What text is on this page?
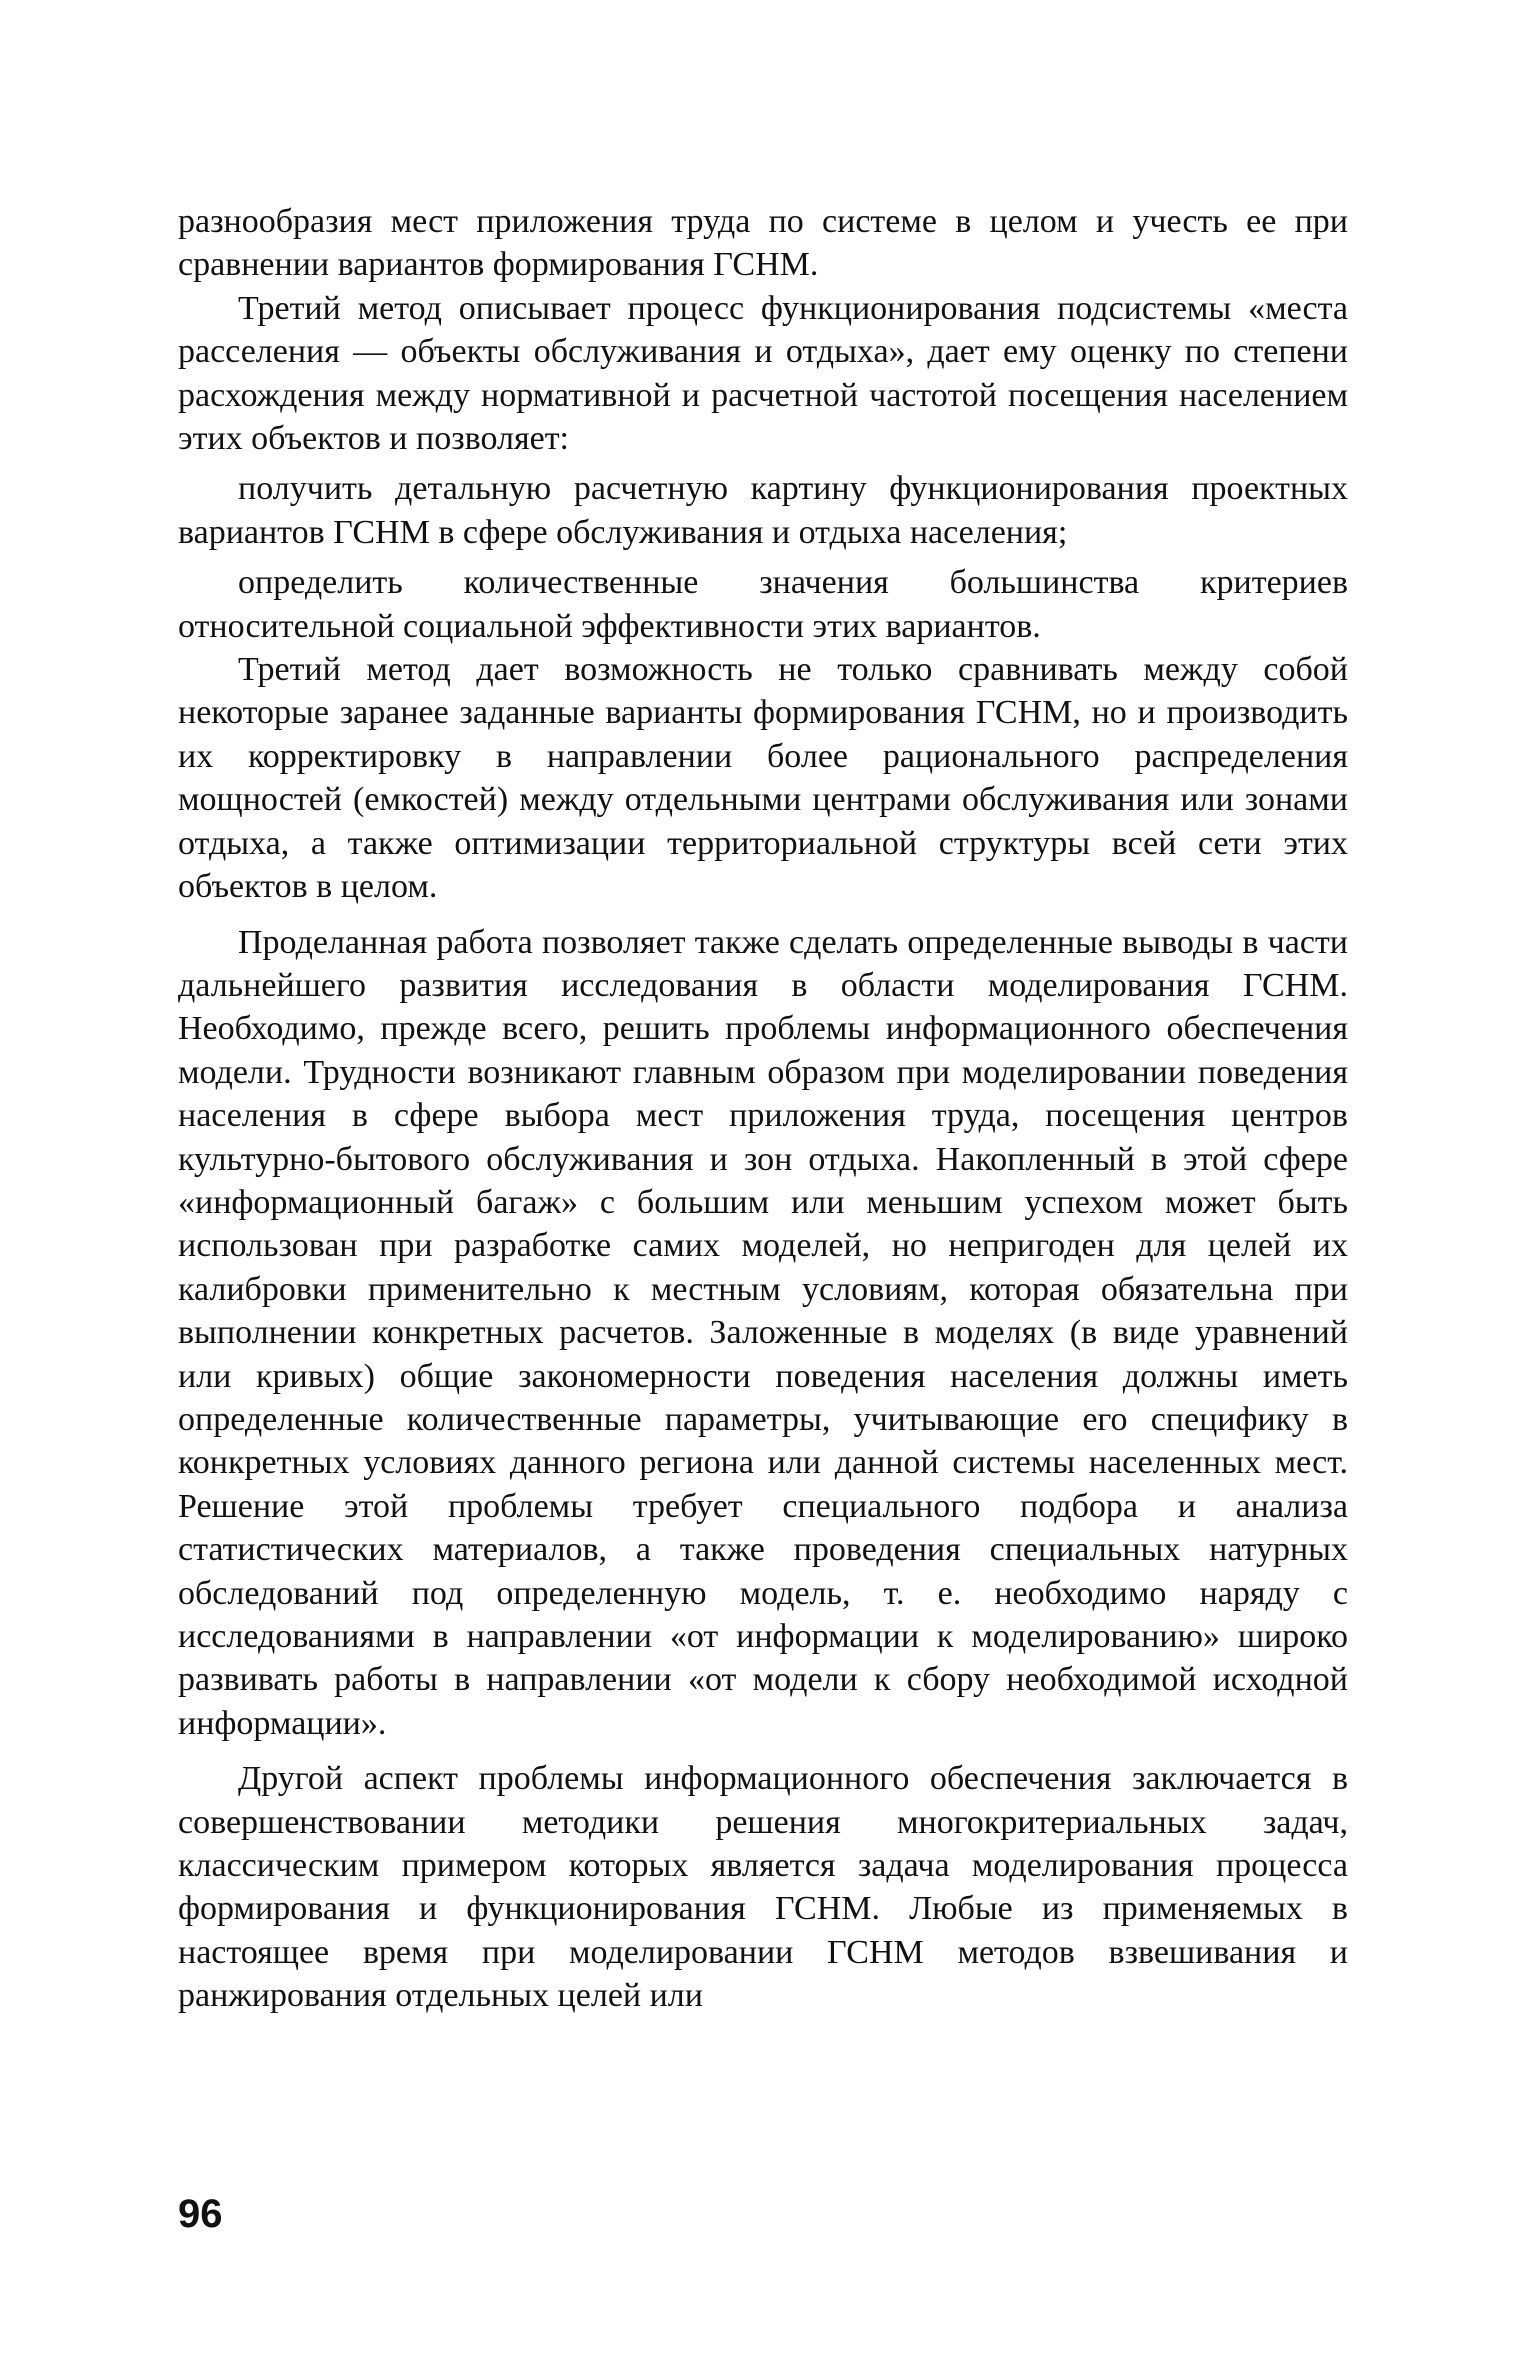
разнообразия мест приложения труда по системе в целом и учесть ее при сравнении вариантов формирования ГСНМ.

Третий метод описывает процесс функционирования подсистемы «места расселения — объекты обслуживания и отдыха», дает ему оценку по степени расхождения между нормативной и расчетной частотой посещения населением этих объектов и позволяет:

получить детальную расчетную картину функционирования проектных вариантов ГСНМ в сфере обслуживания и отдыха населения;

определить количественные значения большинства критериев относительной социальной эффективности этих вариантов.

Третий метод дает возможность не только сравнивать между собой некоторые заранее заданные варианты формирования ГСНМ, но и производить их корректировку в направлении более рационального распределения мощностей (емкостей) между отдельными центрами обслуживания или зонами отдыха, а также оптимизации территориальной структуры всей сети этих объектов в целом.

Проделанная работа позволяет также сделать определенные выводы в части дальнейшего развития исследования в области моделирования ГСНМ. Необходимо, прежде всего, решить проблемы информационного обеспечения модели. Трудности возникают главным образом при моделировании поведения населения в сфере выбора мест приложения труда, посещения центров культурно-бытового обслуживания и зон отдыха. Накопленный в этой сфере «информационный багаж» с большим или меньшим успехом может быть использован при разработке самих моделей, но непригоден для целей их калибровки применительно к местным условиям, которая обязательна при выполнении конкретных расчетов. Заложенные в моделях (в виде уравнений или кривых) общие закономерности поведения населения должны иметь определенные количественные параметры, учитывающие его специфику в конкретных условиях данного региона или данной системы населенных мест. Решение этой проблемы требует специального подбора и анализа статистических материалов, а также проведения специальных натурных обследований под определенную модель, т. е. необходимо наряду с исследованиями в направлении «от информации к моделированию» широко развивать работы в направлении «от модели к сбору необходимой исходной информации».

Другой аспект проблемы информационного обеспечения заключается в совершенствовании методики решения многокритериальных задач, классическим примером которых является задача моделирования процесса формирования и функционирования ГСНМ. Любые из применяемых в настоящее время при моделировании ГСНМ методов взвешивания и ранжирования отдельных целей или

96
